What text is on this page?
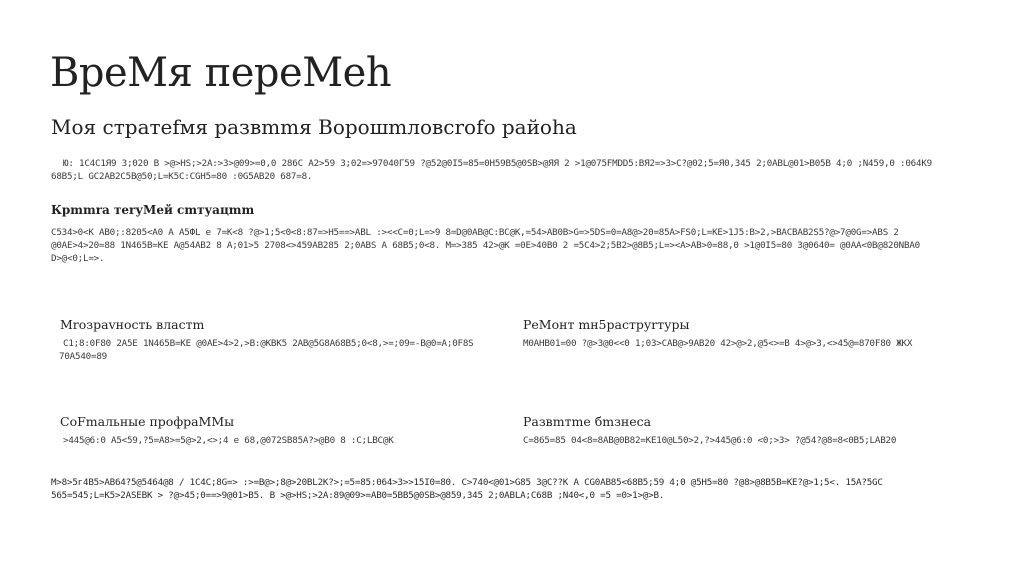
ВреМя переМеh
Моя стратеfмя развmmя Ворошmловсrofо райоhа
Ю: 1С4С1Я9 3;020 В >@>HS;>2А:>3>@09>=0,0 286С А2>59 3;02=>97040Г59 ?@52@0I5=85=0Н59В5@0SВ>@ЯЯ 2 >1@075FMDD5:ВЯ2=>3>С?@02;5=Я0,345 2;0АВL@01>В05В 4;0 ;N459,0 :064К9
68В5;L GC2АВ2С5В@50;L=К5С:CGH5=80 :0G5АВ20 687=8.
Крmmrа теrуМей сmтуацmm
С534>0<К АВ0;:8205<А0 А А5ФL е 7=К<8 ?@>1;5<0<8:87=>H5==>АВL :><<C=0;L=>9 8=D@0АВ@C:BC@K,=54>АВ0В>G=>5DS=0=А8@>20=85А>FS0;L=KE>1J5:B>2,>ВАСВАВ2S5?@>7@0G=>АВS 2
@0АЕ>4>20=88 1N465В=КЕ А@54АВ2 8 А;01>5 2708<>459АВ285 2;0АВS А 68В5;0<8. М=>385 42>@К =0Е>40В0 2 =5С4>2;5В2>@8В5;L=><А>АВ>0=88,0 >1@0I5=80 3@0640= @0АА<0В@820NВА0
D>@<0;L=>.
Мrозраvность властm
С1;8:0F80 2А5Е 1N465В=КЕ @0АЕ>4>2,>В:@КВК5 2АВ@5G8А68В5;0<8,>=;09=-В@0=А;0F8S
70А540=89
РеМонт mн5раструrтуры
М0АНВ01=00 ?@>3@0<<0 1;03>САВ@>9АВ20 42>@>2,@5<>=В 4>@>3,<>45@=870F80 ЖКХ
CoFmальные профраММы
>445@6:0 А5<59,?5=А8>=5@>2,<>;4 е 68,@072SВ85А?>@В0 8 :С;LВС@К
Развmтme бmзнеса
С=865=85 04<8=8АВ@0В82=КЕ10@L50>2,?>445@6:0 <0;>3> ?@54?@8=8<0В5;LАВ20
М>8>5г4В5>АВ64?5@5464@8 / 1С4С;8G=> :>=В@>;8@>20ВL2К?>;=5=85:064>3>>15I0=80. С>740<@01>G85 3@С??К А СG0АВ85<68В5;59 4;0 @5Н5=80 ?@8>@8В5В=КЕ?@>1;5<. 15А?5GС
565=545;L=К5>2АSЕВК > ?@>45;0==>9@01>В5. В >@>HS;>2А:89@09>=АВ0=5ВВ5@0SВ>@859,345 2;0АВLА;С68В ;N40<,0 =5 =0>1>@>В.
